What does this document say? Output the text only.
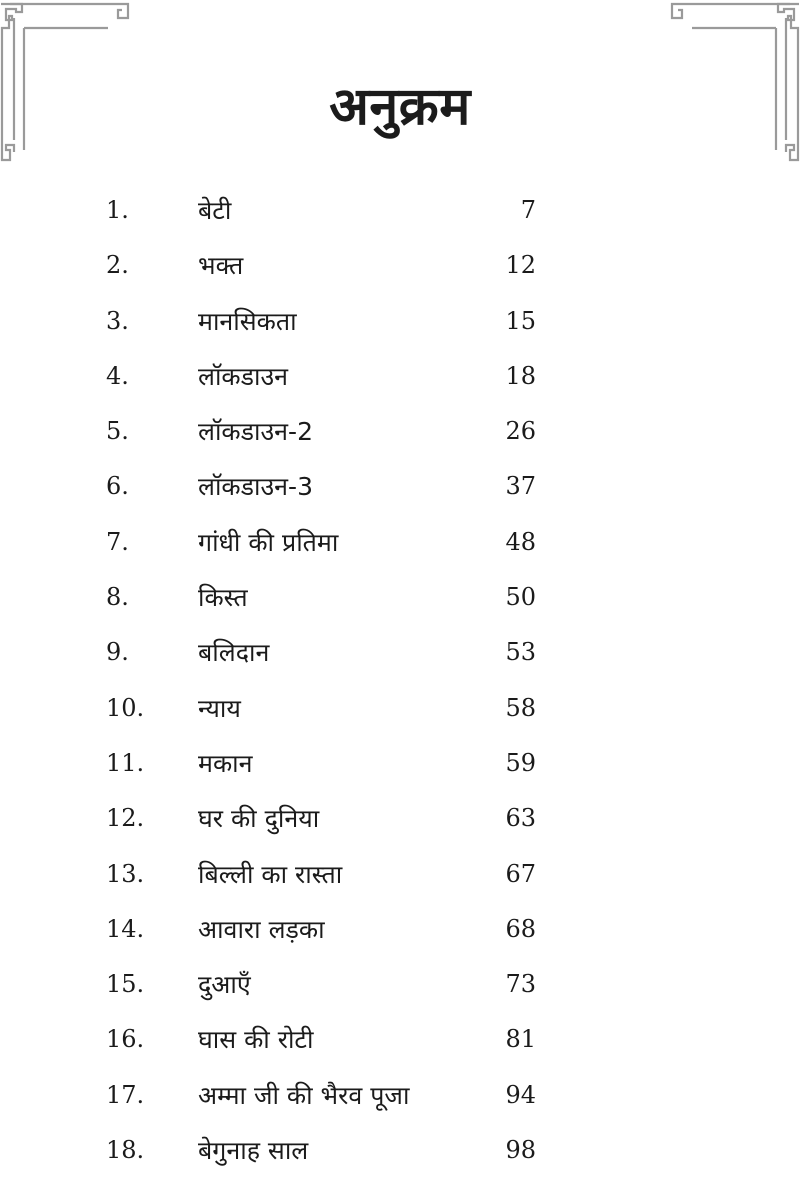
अनुक्रम
1.	बेटी	7
2.	भक्त	12
3.	मानसिकता	15
4.	लॉकडाउन	18
5.	लॉकडाउन-2	26
6.	लॉकडाउन-3	37
7.	गांधी की प्रतिमा	48
8.	किस्त	50
9.	बलिदान	53
10. न्याय	58
11. मकान	59
12. घर की दुनिया	63
13. बिल्ली का रास्ता	67
14. आवारा लड़का	68
15. दुआएँ	73
16. घास की रोटी	81
17. अम्मा जी की भैरव पूजा	94
18. बेगुनाह साल	98
